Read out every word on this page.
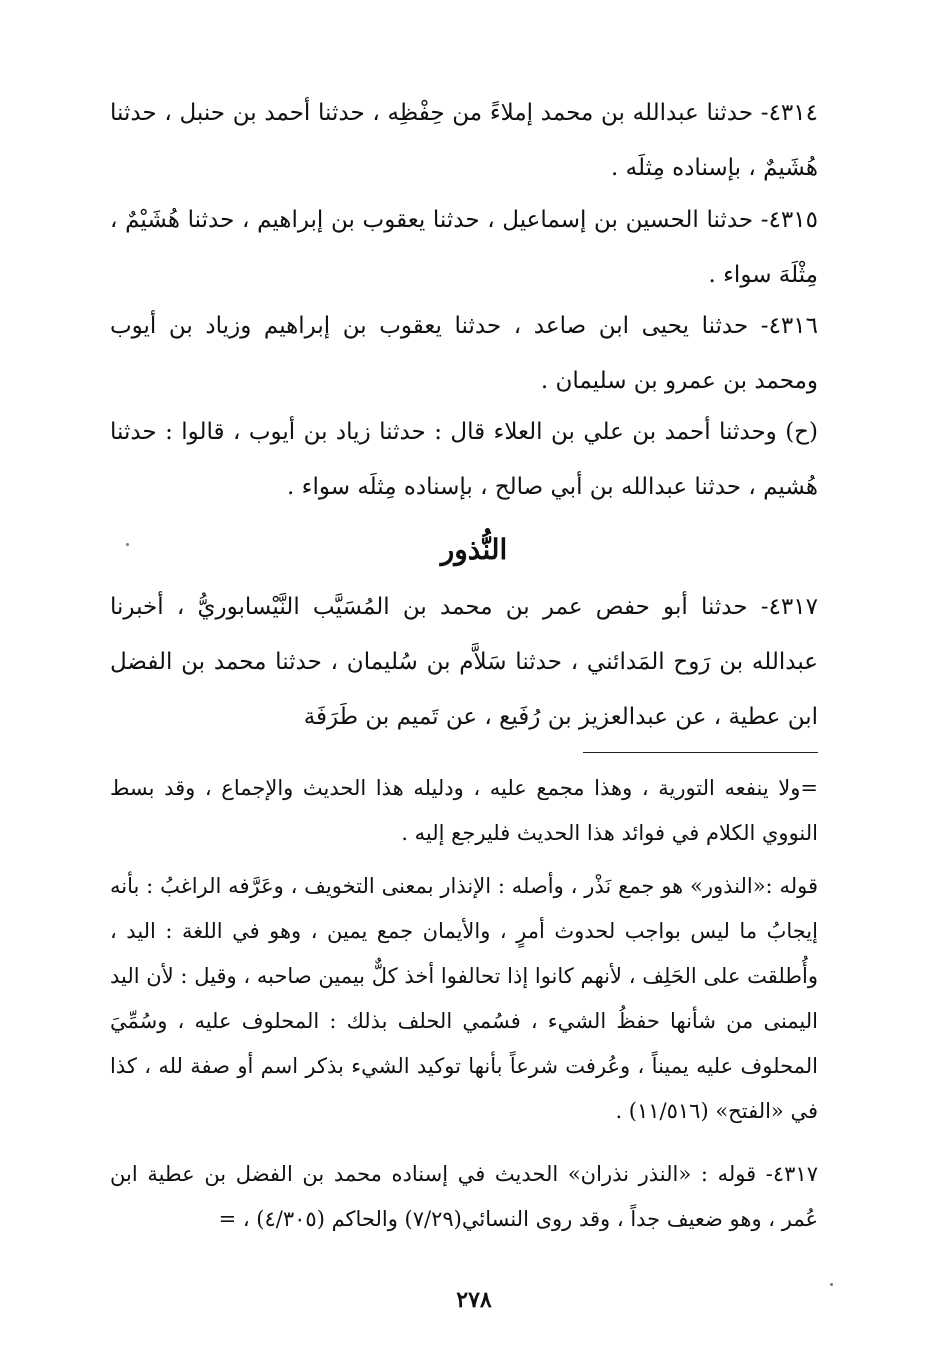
٤٣١٤- حدثنا عبدالله بن محمد إملاءً من حِفْظِه ، حدثنا أحمد بن حنبل ، حدثنا هُشَيمٌ ، بإسناده مِثلَه .
٤٣١٥- حدثنا الحسين بن إسماعيل ، حدثنا يعقوب بن إبراهيم ، حدثنا هُشَيْمٌ ، مِثْلَهَ سواء .
٤٣١٦- حدثنا يحيى ابن صاعد ، حدثنا يعقوب بن إبراهيم وزياد بن أيوب ومحمد بن عمرو بن سليمان .
(ح) وحدثنا أحمد بن علي بن العلاء قال : حدثنا زياد بن أيوب ، قالوا : حدثنا هُشيم ، حدثنا عبدالله بن أبي صالح ، بإسناده مِثلَه سواء .
النُّذور
٤٣١٧- حدثنا أبو حفص عمر بن محمد بن المُسَيَّب النَّيْسابوريُّ ، أخبرنا عبدالله بن رَوح المَدائني ، حدثنا سَلاَّم بن سُليمان ، حدثنا محمد بن الفضل ابن عطية ، عن عبدالعزيز بن رُفَيع ، عن تَميم بن طَرَفَة
=ولا ينفعه التورية ، وهذا مجمع عليه ، ودليله هذا الحديث والإجماع ، وقد بسط النووي الكلام في فوائد هذا الحديث فليرجع إليه .
قوله :«النذور» هو جمع نَذْر ، وأصله : الإنذار بمعنى التخويف ، وعَرَّفه الراغبُ : بأنه إيجابُ ما ليس بواجب لحدوث أمرٍ ، والأيمان جمع يمين ، وهو في اللغة : اليد ، وأُطلقت على الحَلِف ، لأنهم كانوا إذا تحالفوا أخذ كلٌّ بيمين صاحبه ، وقيل : لأن اليد اليمنى من شأنها حفظُ الشيء ، فسُمي الحلف بذلك : المحلوف عليه ، وسُمِّيَ المحلوف عليه يميناً ، وعُرفت شرعاً بأنها توكيد الشيء بذكر اسم أو صفة لله ، كذا في «الفتح» (١١/٥١٦) .
٤٣١٧- قوله : «النذر نذران» الحديث في إسناده محمد بن الفضل بن عطية ابن عُمر ، وهو ضعيف جداً ، وقد روى النسائي(٧/٢٩) والحاكم (٤/٣٠٥) ، =
٢٧٨
